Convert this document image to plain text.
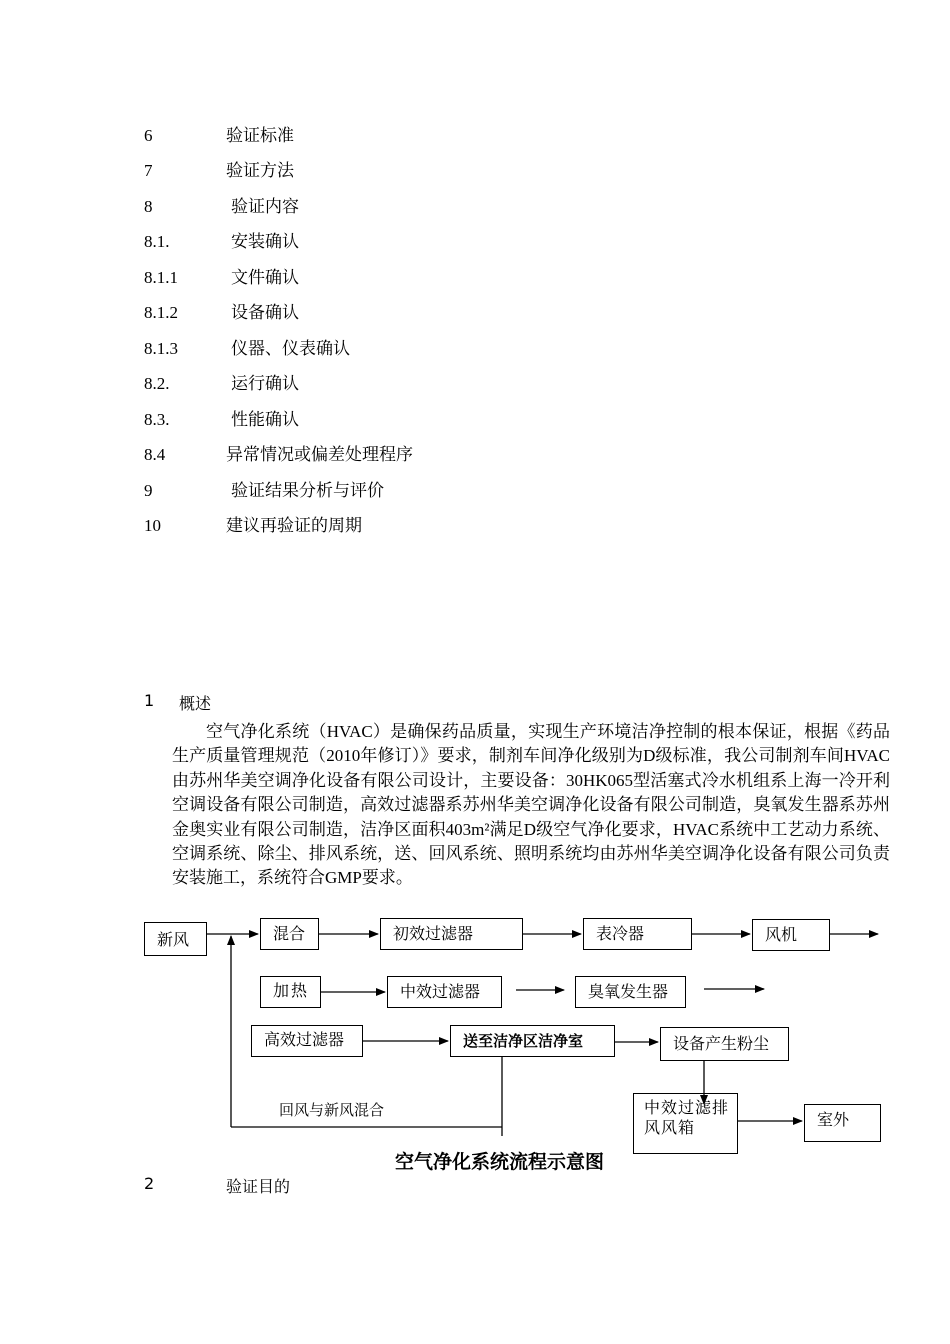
6	验证标准
7	验证方法
8	验证内容
8.1.	安装确认
8.1.1	文件确认
8.1.2	设备确认
8.1.3	仪器、仪表确认
8.2.	运行确认
8.3.	性能确认
8.4	异常情况或偏差处理程序
9	验证结果分析与评价
10	建议再验证的周期
1 概述

空气净化系统（HVAC）是确保药品质量，实现生产环境洁净控制的根本保证，根据《药品生产质量管理规范（2010年修订）》要求，制剂车间净化级别为D级标准，我公司制剂车间HVAC由苏州华美空调净化设备有限公司设计，主要设备：30HK065型活塞式冷水机组系上海一冷开利空调设备有限公司制造，高效过滤器系苏州华美空调净化设备有限公司制造，臭氧发生器系苏州金奥实业有限公司制造，洁净区面积403m²满足D级空气净化要求，HVAC系统中工艺动力系统、空调系统、除尘、排风系统，送、回风系统、照明系统均由苏州华美空调净化设备有限公司负责安装施工，系统符合GMP要求。

新风	混合	初效过滤器	表冷器	风机
加热	中效过滤器	臭氧发生器
高效过滤器	送至洁净区洁净室	设备产生粉尘
中效过滤排风风箱	室外
回风与新风混合
空气净化系统流程示意图
2	验证目的
